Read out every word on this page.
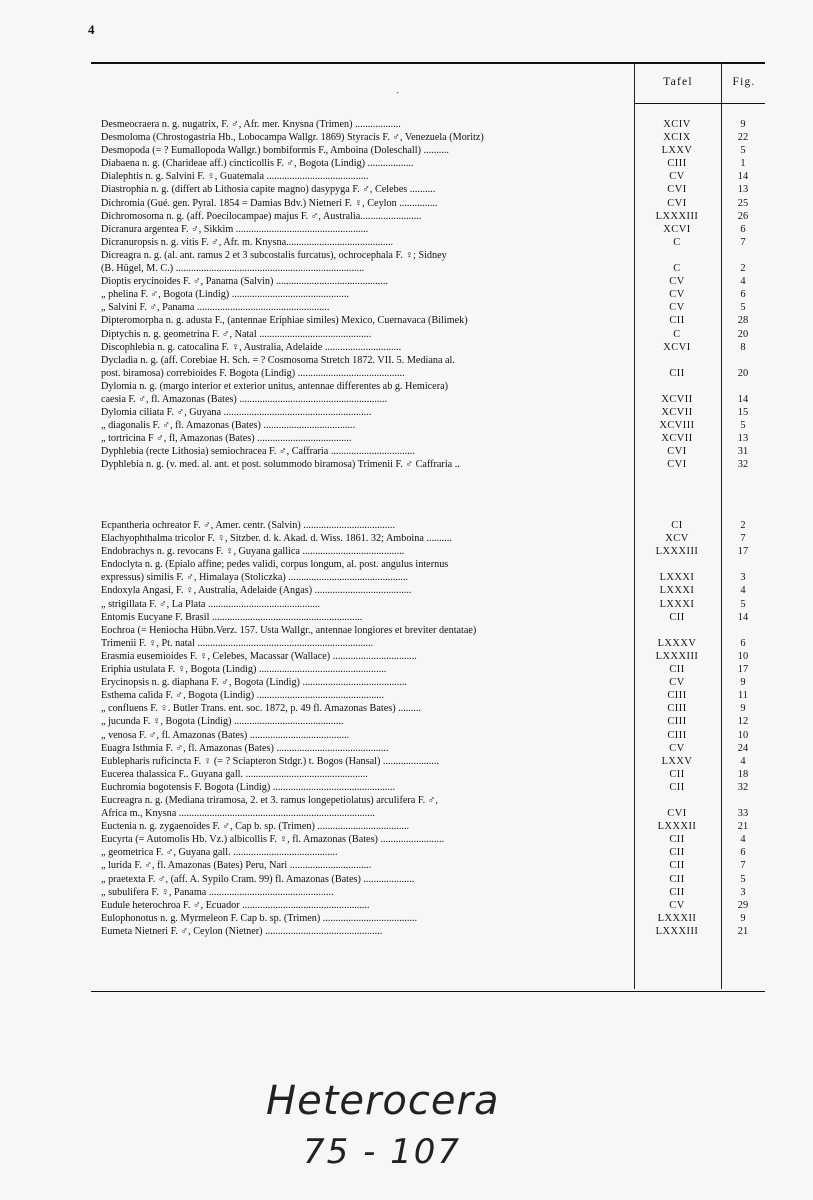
4
ˎ
Tafel	Fig.
Desmeocraera n. g. nugatrix, F. ♂, Afr. mer. Knysna (Trimen) ..................	XCIV	9
Desmoloma (Chrostogastria Hb., Lobocampa Wallgr. 1869) Styracis F. ♂, Venezuela (Moritz)	XCIX	22
Desmopoda (= ? Eumallopoda Wallgr.) bombiformis F., Amboina (Doleschall) ..........	LXXV	5
Diabaena n. g. (Charideae aff.) cincticollis F. ♂, Bogota (Lindig) ..................	CIII	1
Dialephtis n. g. Salvini F. ♀, Guatemala ........................................	CV	14
Diastrophia n. g. (differt ab Lithosia capite magno) dasypyga F. ♂, Celebes ..........	CVI	13
Dichromia (Gué. gen. Pyral. 1854 = Damias Bdv.) Nietneri F. ♀, Ceylon ...............	CVI	25
Dichromosoma n. g. (aff. Poecilocampae) majus F. ♂, Australia........................	LXXXIII	26
Dicranura argentea F. ♂, Sikkim ....................................................	XCVI	6
Dicranuropsis n. g. vitis F. ♂, Afr. m. Knysna..........................................	C	7
Dicreagra n. g. (al. ant. ramus 2 et 3 subcostalis furcatus), ochrocephala F. ♀; Sidney
(B. Hügel, M. C.) ..........................................................................	C	2
Dioptis erycinoides F. ♂, Panama (Salvin) ............................................	CV	4
„ phelina F. ♂, Bogota (Lindig) ..............................................	CV	6
„ Salvini F. ♂, Panama ....................................................	CV	5
Dipteromorpha n. g. adusta F., (antennae Eriphiae similes) Mexico, Cuernavaca (Bilimek)	CII	28
Diptychis n. g. geometrina F. ♂, Natal ............................................	C	20
Discophlebia n. g. catocalina F. ♀, Australia, Adelaide ..............................	XCVI	8
Dycladia n. g. (aff. Corebiae H. Sch. = ? Cosmosoma Stretch 1872. VII. 5. Mediana al.
post. biramosa) correbioides F. Bogota (Lindig) ..........................................	CII	20
Dylomia n. g. (margo interior et exterior unitus, antennae differentes ab g. Hemicera)
caesia F. ♂, fl. Amazonas (Bates) ..........................................................	XCVII	14
Dylomia ciliata F. ♂, Guyana ..........................................................	XCVII	15
„ diagonalis F. ♂, fl. Amazonas (Bates) ....................................	XCVIII	5
„ tortricina F ♂, fl, Amazonas (Bates) .....................................	XCVII	13
Dyphlebia (recte Lithosia) semiochracea F. ♂, Caffraria .................................	CVI	31
Dyphlebia n. g. (v. med. al. ant. et post. solummodo biramosa) Trimenii F. ♂ Caffraria ..	CVI	32
Ecpantheria ochreator F. ♂, Amer. centr. (Salvin) ....................................	CI	2
Elachyophthalma tricolor F. ♀, Sitzber. d. k. Akad. d. Wiss. 1861. 32; Amboina ..........	XCV	7
Endobrachys n. g. revocans F. ♀, Guyana gallica ........................................	LXXXIII	17
Endoclyta n. g. (Epialo affine; pedes validi, corpus longum, al. post. angulus internus
expressus) similis F. ♂, Himalaya (Stoliczka) ...............................................	LXXXI	3
Endoxyla Angasi, F. ♀, Australia, Adelaide (Angas) ......................................	LXXXI	4
„ strigillata F. ♂, La Plata ............................................	LXXXI	5
Entomis Eucyane F. Brasil ...........................................................	CII	14
Eochroa (= Heniocha Hübn.Verz. 157. Usta Wallgr., antennae longiores et breviter dentatae)
Trimenii F. ♀, Pt. natal .....................................................................	LXXXV	6
Erasmia eusemioides F. ♀, Celebes, Macassar (Wallace) .................................	LXXXIII	10
Eriphia ustulata F. ♀, Bogota (Lindig) ..................................................	CII	17
Erycinopsis n. g. diaphana F. ♂, Bogota (Lindig) .........................................	CV	9
Esthema calida F. ♂, Bogota (Lindig) ..................................................	CIII	11
„ confluens F. ♀. Butler Trans. ent. soc. 1872, p. 49 fl. Amazonas Bates) .........	CIII	9
„ jucunda F. ♀, Bogota (Lindig) ...........................................	CIII	12
„ venosa F. ♂, fl. Amazonas (Bates) .......................................	CIII	10
Euagra Isthmia F. ♂, fl. Amazonas (Bates) ............................................	CV	24
Eublepharis ruficincta F. ♀ (= ? Sciapteron Stdgr.) t. Bogos (Hansal) ......................	LXXV	4
Eucerea thalassica F.. Guyana gall. ................................................	CII	18
Euchromia bogotensis F. Bogota (Lindig) ................................................	CII	32
Eucreagra n. g. (Mediana triramosa, 2. et 3. ramus longepetiolatus) arculifera F. ♂,
Africa m., Knysna .............................................................................	CVI	33
Euctenia n. g. zygaenoides F. ♂, Cap b. sp. (Trimen) ....................................	LXXXII	21
Eucyrta (= Automolis Hb. Vz.) albicollis F. ♀, fl. Amazonas (Bates) .........................	CII	4
„ geometrica F. ♂, Guyana gall. .........................................	CII	6
„ lurida F. ♂, fl. Amazonas (Bates) Peru, Nari ................................	CII	7
„ praetexta F. ♂, (aff. A. Sypilo Cram. 99) fl. Amazonas (Bates) ....................	CII	5
„ subulifera F. ♀, Panama .................................................	CII	3
Eudule heterochroa F. ♂, Ecuador ..................................................	CV	29
Eulophonotus n. g. Myrmeleon F. Cap b. sp. (Trimen) .....................................	LXXXII	9
Eumeta Nietneri F. ♂, Ceylon (Nietner) ..............................................	LXXXIII	21
Heterocera
75 - 107
